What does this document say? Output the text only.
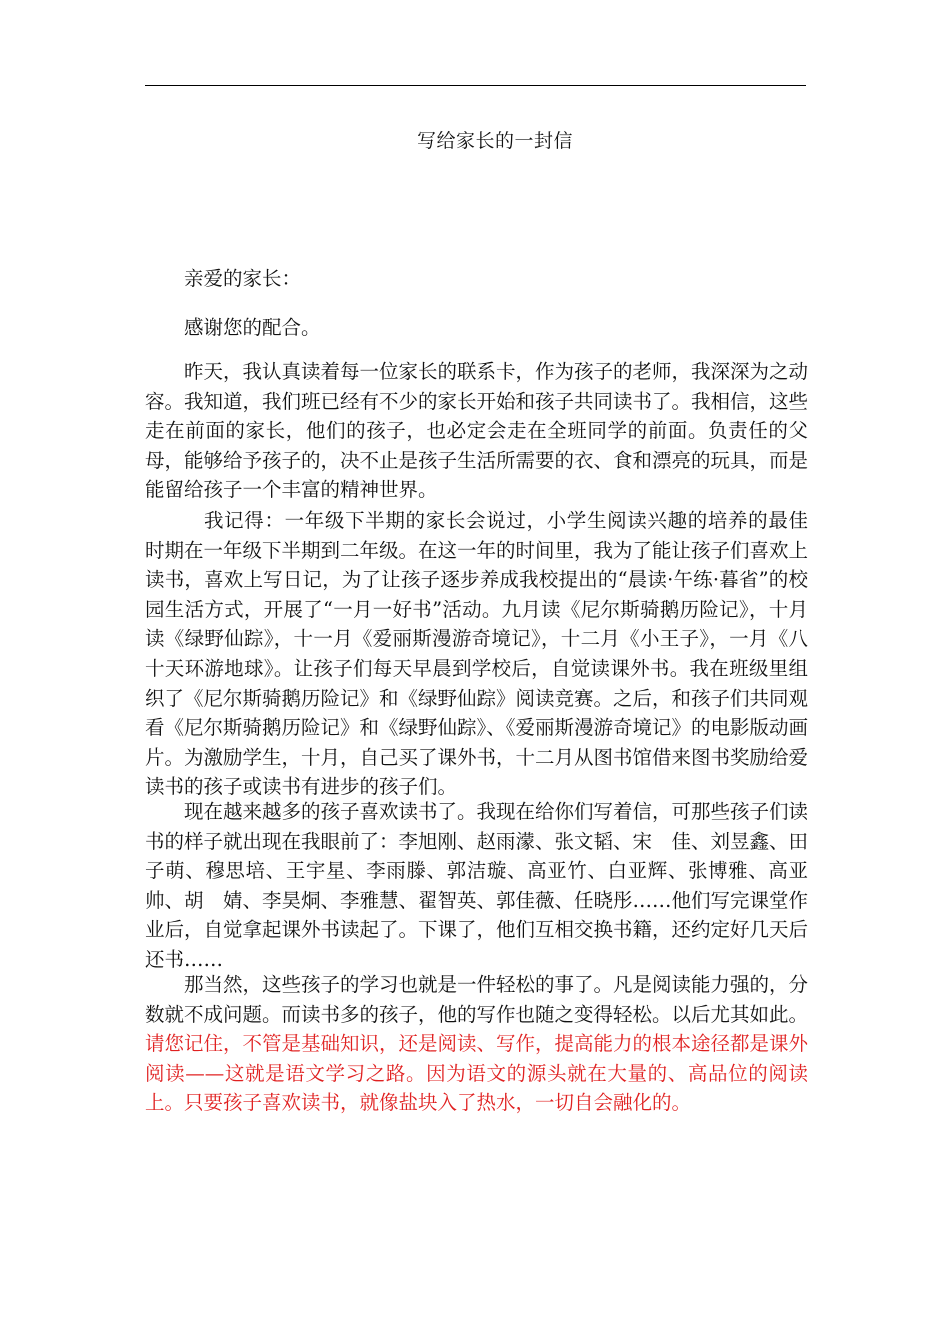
写给家长的一封信
亲爱的家长：
感谢您的配合。
昨天，我认真读着每一位家长的联系卡，作为孩子的老师，我深深为之动容。我知道，我们班已经有不少的家长开始和孩子共同读书了。我相信，这些走在前面的家长，他们的孩子，也必定会走在全班同学的前面。负责任的父母，能够给予孩子的，决不止是孩子生活所需要的衣、食和漂亮的玩具，而是能留给孩子一个丰富的精神世界。
我记得：一年级下半期的家长会说过，小学生阅读兴趣的培养的最佳时期在一年级下半期到二年级。在这一年的时间里，我为了能让孩子们喜欢上读书，喜欢上写日记，为了让孩子逐步养成我校提出的“晨读·午练·暮省”的校园生活方式，开展了“一月一好书”活动。九月读《尼尔斯骑鹅历险记》，十月读《绿野仙踪》，十一月《爱丽斯漫游奇境记》，十二月《小王子》，一月《八十天环游地球》。让孩子们每天早晨到学校后，自觉读课外书。我在班级里组织了《尼尔斯骑鹅历险记》和《绿野仙踪》阅读竞赛。之后，和孩子们共同观看《尼尔斯骑鹅历险记》和《绿野仙踪》、《爱丽斯漫游奇境记》的电影版动画片。为激励学生，十月，自己买了课外书，十二月从图书馆借来图书奖励给爱读书的孩子或读书有进步的孩子们。
现在越来越多的孩子喜欢读书了。我现在给你们写着信，可那些孩子们读书的样子就出现在我眼前了：李旭刚、赵雨濛、张文韬、宋　佳、刘昱鑫、田子萌、穆思培、王宇星、李雨滕、郭洁璇、高亚竹、白亚辉、张博雅、高亚帅、胡　婧、李昊烔、李雅慧、翟智英、郭佳薇、任晓彤……他们写完课堂作业后，自觉拿起课外书读起了。下课了，他们互相交换书籍，还约定好几天后还书……
那当然，这些孩子的学习也就是一件轻松的事了。凡是阅读能力强的，分数就不成问题。而读书多的孩子，他的写作也随之变得轻松。以后尤其如此。请您记住，不管是基础知识，还是阅读、写作，提高能力的根本途径都是课外阅读——这就是语文学习之路。因为语文的源头就在大量的、高品位的阅读上。只要孩子喜欢读书，就像盐块入了热水，一切自会融化的。
